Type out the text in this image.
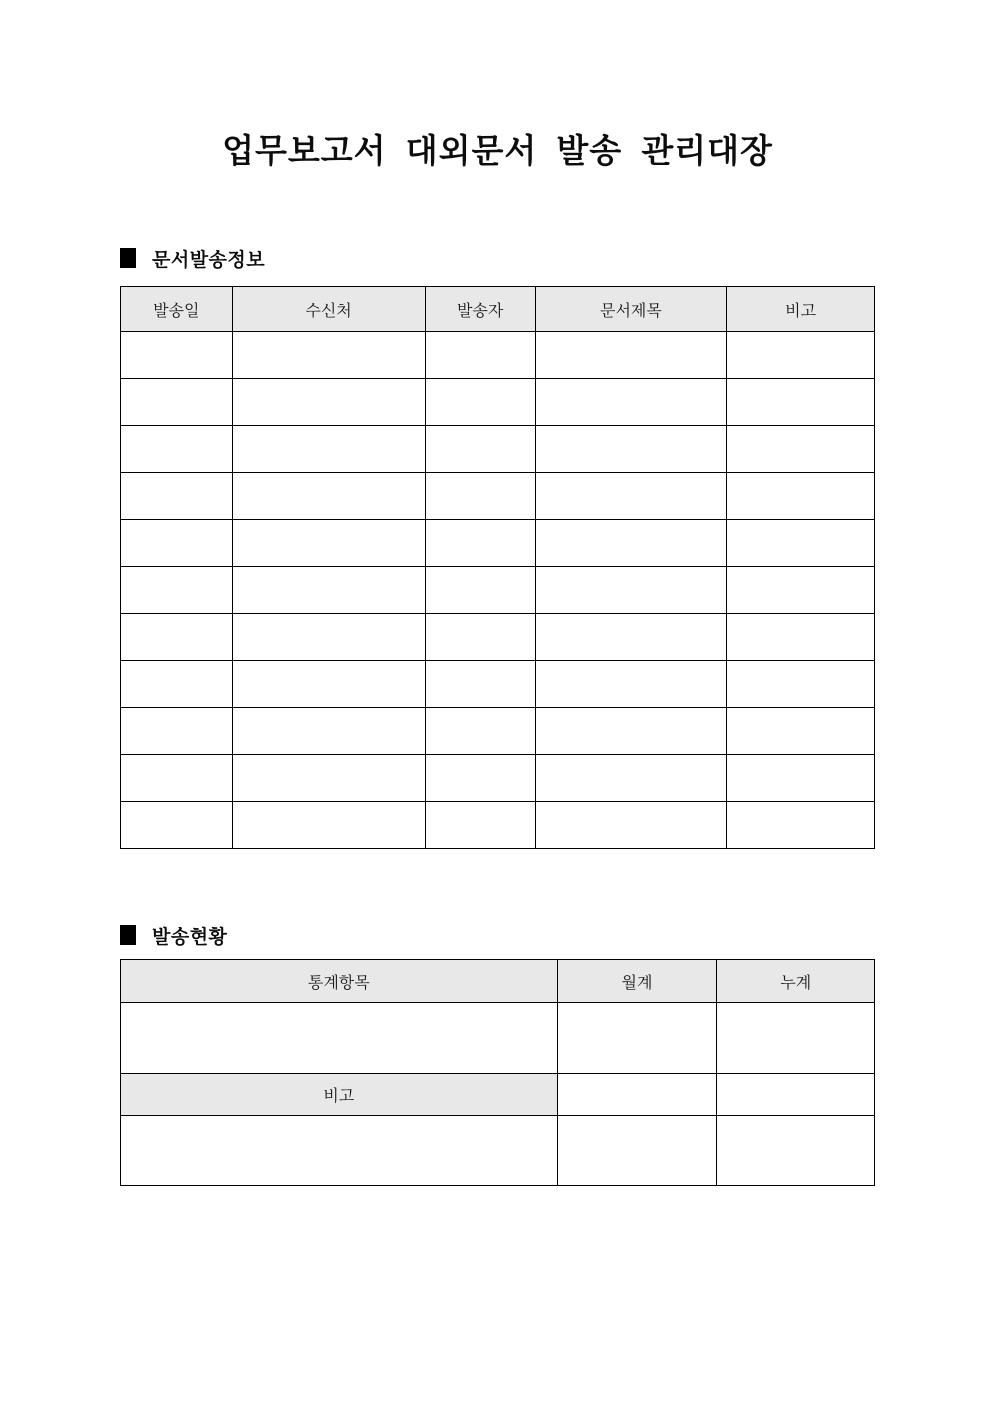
업무보고서 대외문서 발송 관리대장
문서발송정보
발송일	수신처	발송자	문서제목	비고

발송현황
통계항목	월계	누계

비고		
